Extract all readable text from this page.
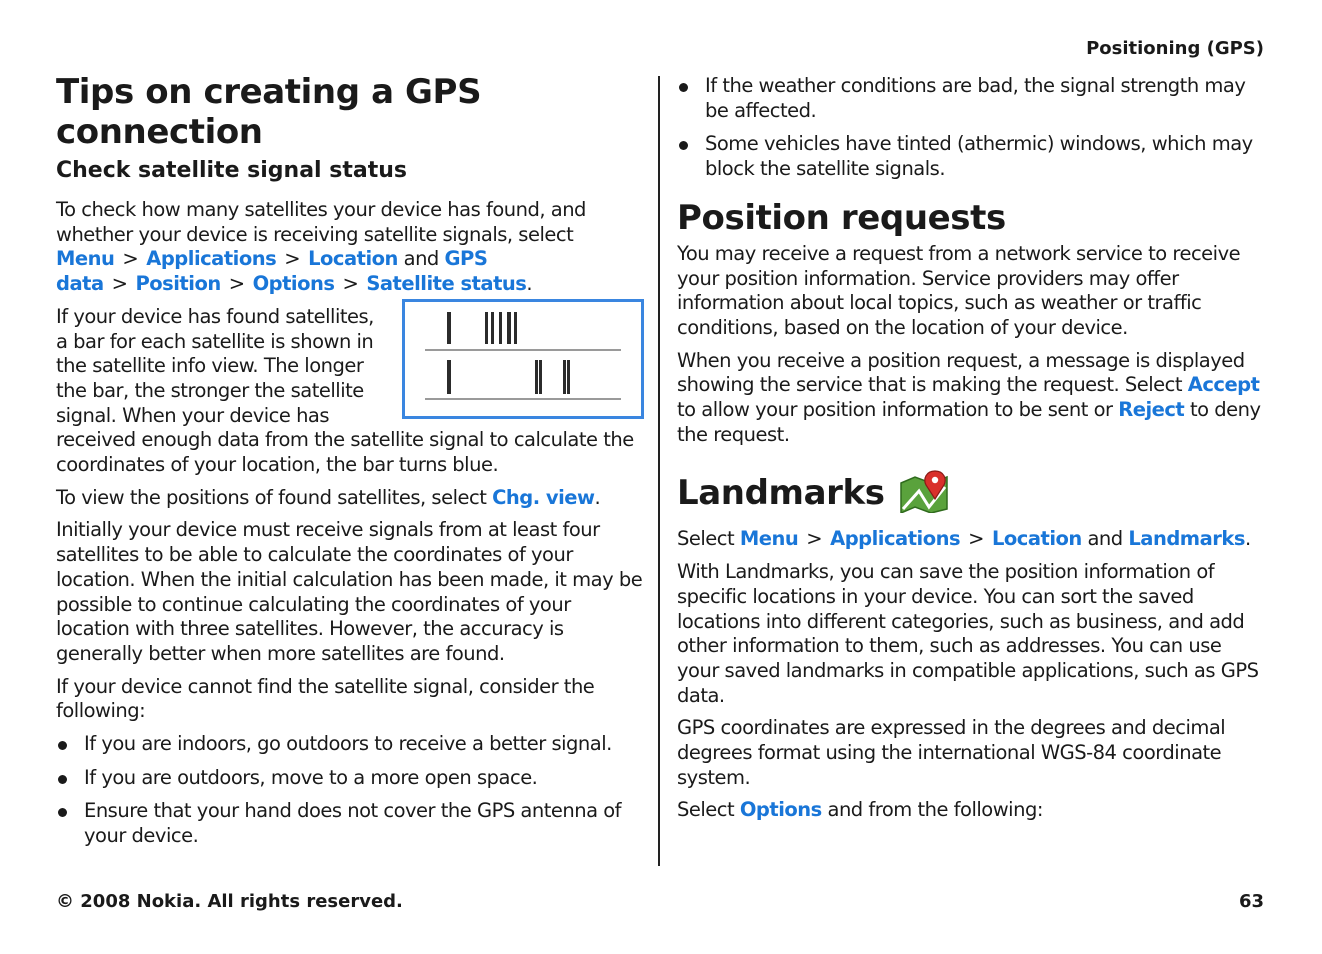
Positioning (GPS)
Tips on creating a GPS connection
Check satellite signal status

To check how many satellites your device has found, and whether your device is receiving satellite signals, select Menu > Applications > Location and GPS data > Position > Options > Satellite status.

If your device has found satellites, a bar for each satellite is shown in the satellite info view. The longer the bar, the stronger the satellite signal. When your device has received enough data from the satellite signal to calculate the coordinates of your location, the bar turns blue.

To view the positions of found satellites, select Chg. view.

Initially your device must receive signals from at least four satellites to be able to calculate the coordinates of your location. When the initial calculation has been made, it may be possible to continue calculating the coordinates of your location with three satellites. However, the accuracy is generally better when more satellites are found.

If your device cannot find the satellite signal, consider the following:

If you are indoors, go outdoors to receive a better signal.
If you are outdoors, move to a more open space.
Ensure that your hand does not cover the GPS antenna of your device.
If the weather conditions are bad, the signal strength may be affected.
Some vehicles have tinted (athermic) windows, which may block the satellite signals.
Position requests

You may receive a request from a network service to receive your position information. Service providers may offer information about local topics, such as weather or traffic conditions, based on the location of your device.

When you receive a position request, a message is displayed showing the service that is making the request. Select Accept to allow your position information to be sent or Reject to deny the request.

Landmarks

Select Menu > Applications > Location and Landmarks.

With Landmarks, you can save the position information of specific locations in your device. You can sort the saved locations into different categories, such as business, and add other information to them, such as addresses. You can use your saved landmarks in compatible applications, such as GPS data.

GPS coordinates are expressed in the degrees and decimal degrees format using the international WGS-84 coordinate system.

Select Options and from the following:

© 2008 Nokia. All rights reserved.	63
